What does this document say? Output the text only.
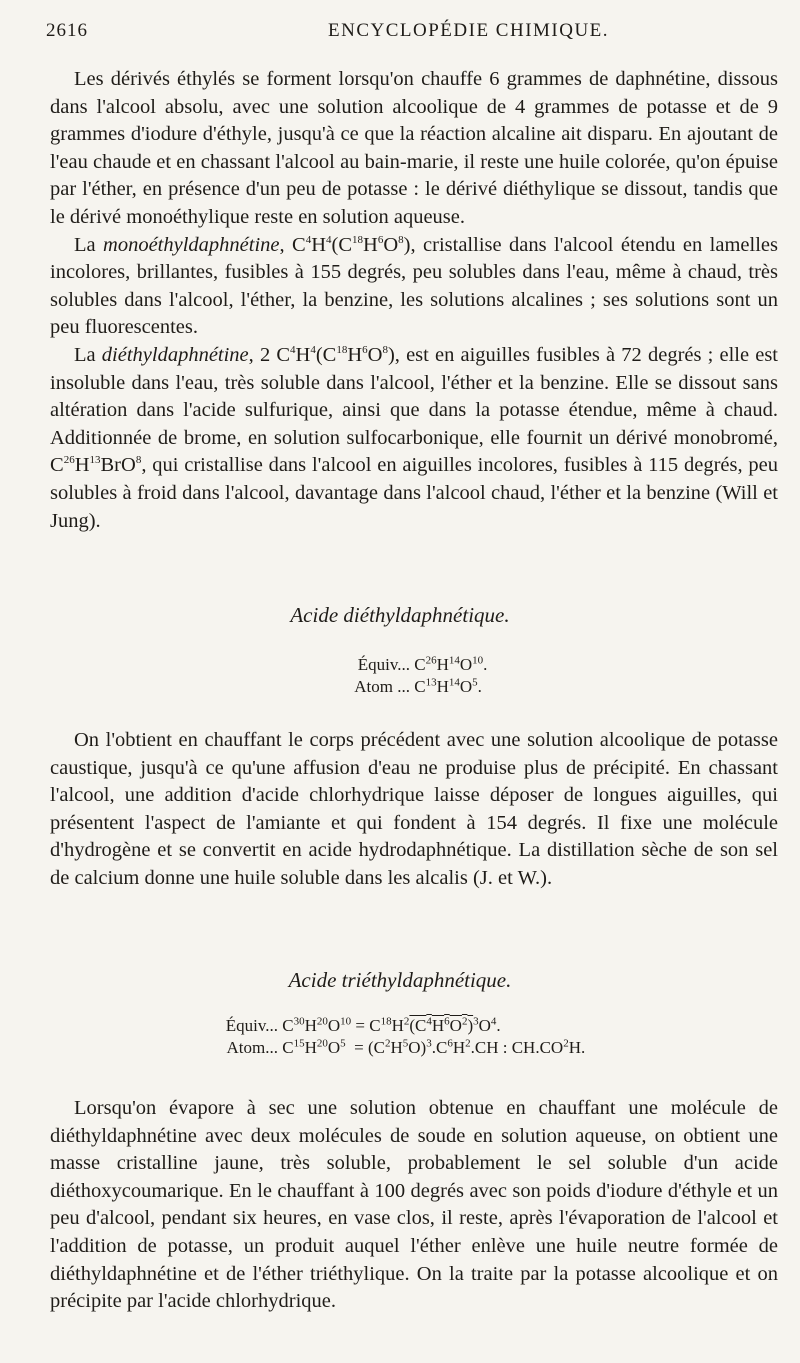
2616	ENCYCLOPÉDIE CHIMIQUE.

Les dérivés éthylés se forment lorsqu'on chauffe 6 grammes de daphnétine, dissous dans l'alcool absolu, avec une solution alcoolique de 4 grammes de potasse et de 9 grammes d'iodure d'éthyle, jusqu'à ce que la réaction alcaline ait disparu. En ajoutant de l'eau chaude et en chassant l'alcool au bain-marie, il reste une huile colorée, qu'on épuise par l'éther, en présence d'un peu de potasse : le dérivé diéthylique se dissout, tandis que le dérivé monoéthylique reste en solution aqueuse.

La monoéthyldaphnétine, $C^4H^4(C^{18}H^6O^8)$, cristallise dans l'alcool étendu en lamelles incolores, brillantes, fusibles à 155 degrés, peu solubles dans l'eau, même à chaud, très solubles dans l'alcool, l'éther, la benzine, les solutions alcalines ; ses solutions sont un peu fluorescentes.

La diéthyldaphnétine, 2 $C^4H^4(C^{18}H^6O^8)$, est en aiguilles fusibles à 72 degrés ; elle est insoluble dans l'eau, très soluble dans l'alcool, l'éther et la benzine. Elle se dissout sans altération dans l'acide sulfurique, ainsi que dans la potasse étendue, même à chaud. Additionnée de brome, en solution sulfocarbonique, elle fournit un dérivé monobromé, $C^{26}H^{13}BrO^8$, qui cristallise dans l'alcool en aiguilles incolores, fusibles à 115 degrés, peu solubles à froid dans l'alcool, davantage dans l'alcool chaud, l'éther et la benzine (Will et Jung).

Acide diéthyldaphnétique.
Équiv... $C^{26}H^{14}O^{10}$.
Atom ... $C^{13}H^{14}O^5$.

On l'obtient en chauffant le corps précédent avec une solution alcoolique de potasse caustique, jusqu'à ce qu'une affusion d'eau ne produise plus de précipité. En chassant l'alcool, une addition d'acide chlorhydrique laisse déposer de longues aiguilles, qui présentent l'aspect de l'amiante et qui fondent à 154 degrés. Il fixe une molécule d'hydrogène et se convertit en acide hydrodaphnétique. La distillation sèche de son sel de calcium donne une huile soluble dans les alcalis (J. et W.).

Acide triéthyldaphnétique.
Équiv... $C^{30}H^{20}O^{10} = C^{18}H^2(C^4H^6O^2)^3O^4$.
Atom... $C^{15}H^{20}O^5 = (C^2H^5O)^3.C^6H^2.CH$ : $CH.CO^2H$.

Lorsqu'on évapore à sec une solution obtenue en chauffant une molécule de diéthyldaphnétine avec deux molécules de soude en solution aqueuse, on obtient une masse cristalline jaune, très soluble, probablement le sel soluble d'un acide diéthoxycoumarique. En le chauffant à 100 degrés avec son poids d'iodure d'éthyle et un peu d'alcool, pendant six heures, en vase clos, il reste, après l'évaporation de l'alcool et l'addition de potasse, un produit auquel l'éther enlève une huile neutre formée de diéthyldaphnétine et de l'éther triéthylique. On la traite par la potasse alcoolique et on précipite par l'acide chlorhydrique.
